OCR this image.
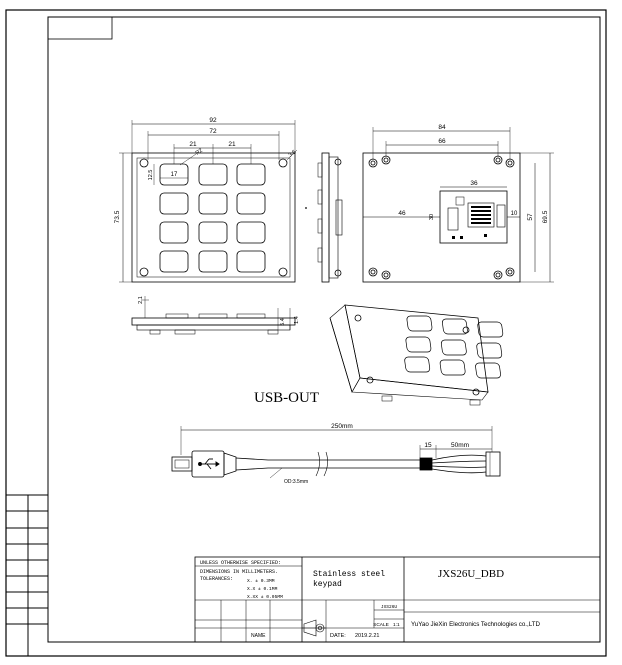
92
72
21	21
17
12.5
R2	3.5
73.5
84
66
36
46	30	10 57 69.5
2.1
5.4 1.4
USB-OUT
250mm
15	50mm
OD:3.5mm
UNLESS OTHERWISE SPECIFIED:
DIMENSIONS IN MILLIMETERS.
TOLERANCES:	X. ± 0.3MM
X.X ± 0.1MM
X.XX ± 0.05MM
Stainless steel
keypad
JXS26U_DBD
JXS26U
SCALE 1:1
NAME	DATE: 2019.2.21
YuYao JieXin Electronics Technologies co.,LTD
